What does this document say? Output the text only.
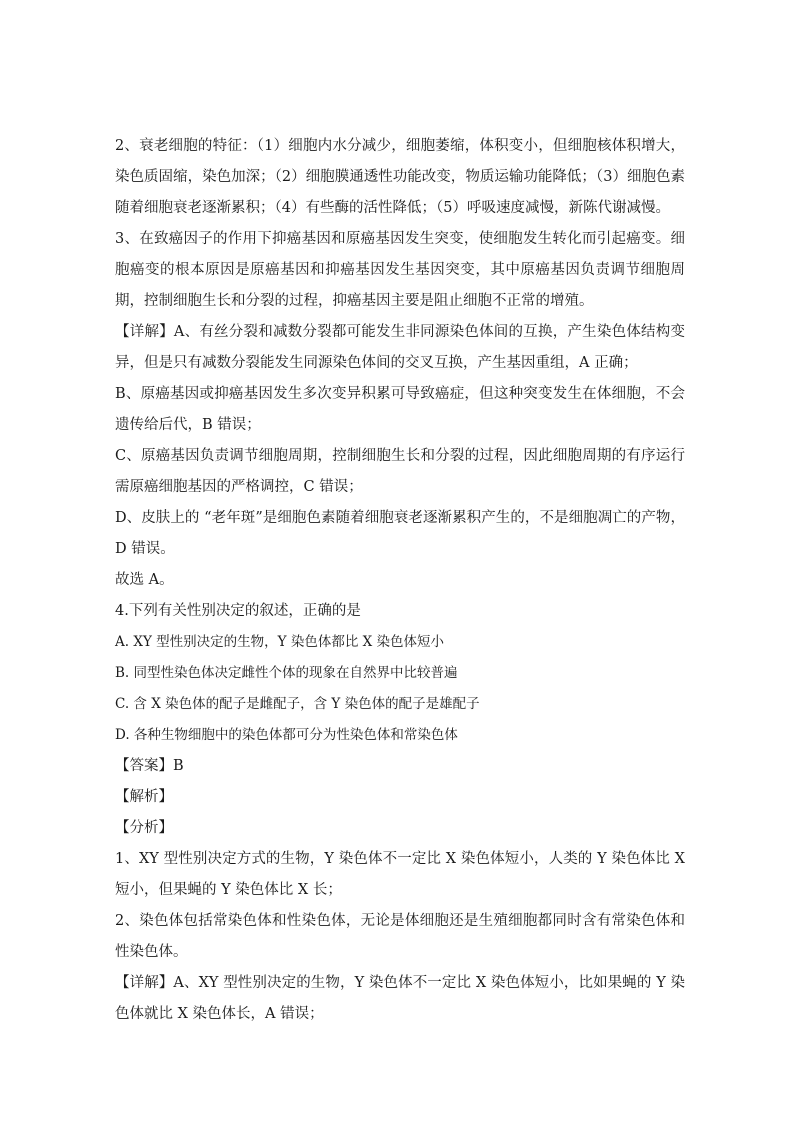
2、衰老细胞的特征：（1）细胞内水分减少，细胞萎缩，体积变小，但细胞核体积增大，染色质固缩，染色加深；（2）细胞膜通透性功能改变，物质运输功能降低；（3）细胞色素随着细胞衰老逐渐累积；（4）有些酶的活性降低；（5）呼吸速度减慢，新陈代谢减慢。

3、在致癌因子的作用下抑癌基因和原癌基因发生突变，使细胞发生转化而引起癌变。细胞癌变的根本原因是原癌基因和抑癌基因发生基因突变，其中原癌基因负责调节细胞周期，控制细胞生长和分裂的过程，抑癌基因主要是阻止细胞不正常的增殖。

【详解】A、有丝分裂和减数分裂都可能发生非同源染色体间的互换，产生染色体结构变异，但是只有减数分裂能发生同源染色体间的交叉互换，产生基因重组，A 正确；

B、原癌基因或抑癌基因发生多次变异积累可导致癌症，但这种突变发生在体细胞，不会遗传给后代，B 错误；

C、原癌基因负责调节细胞周期，控制细胞生长和分裂的过程，因此细胞周期的有序运行需原癌细胞基因的严格调控，C 错误；

D、皮肤上的 “老年斑”是细胞色素随着细胞衰老逐渐累积产生的，不是细胞凋亡的产物，D 错误。

故选 A。

4.下列有关性别决定的叙述，正确的是

A. XY 型性别决定的生物，Y 染色体都比 X 染色体短小

B. 同型性染色体决定雌性个体的现象在自然界中比较普遍

C. 含 X 染色体的配子是雌配子，含 Y 染色体的配子是雄配子

D. 各种生物细胞中的染色体都可分为性染色体和常染色体

【答案】B

【解析】

【分析】

1、XY 型性别决定方式的生物，Y 染色体不一定比 X 染色体短小，人类的 Y 染色体比 X 短小，但果蝇的 Y 染色体比 X 长；

2、染色体包括常染色体和性染色体，无论是体细胞还是生殖细胞都同时含有常染色体和性染色体。

【详解】A、XY 型性别决定的生物，Y 染色体不一定比 X 染色体短小，比如果蝇的 Y 染色体就比 X 染色体长，A 错误；
